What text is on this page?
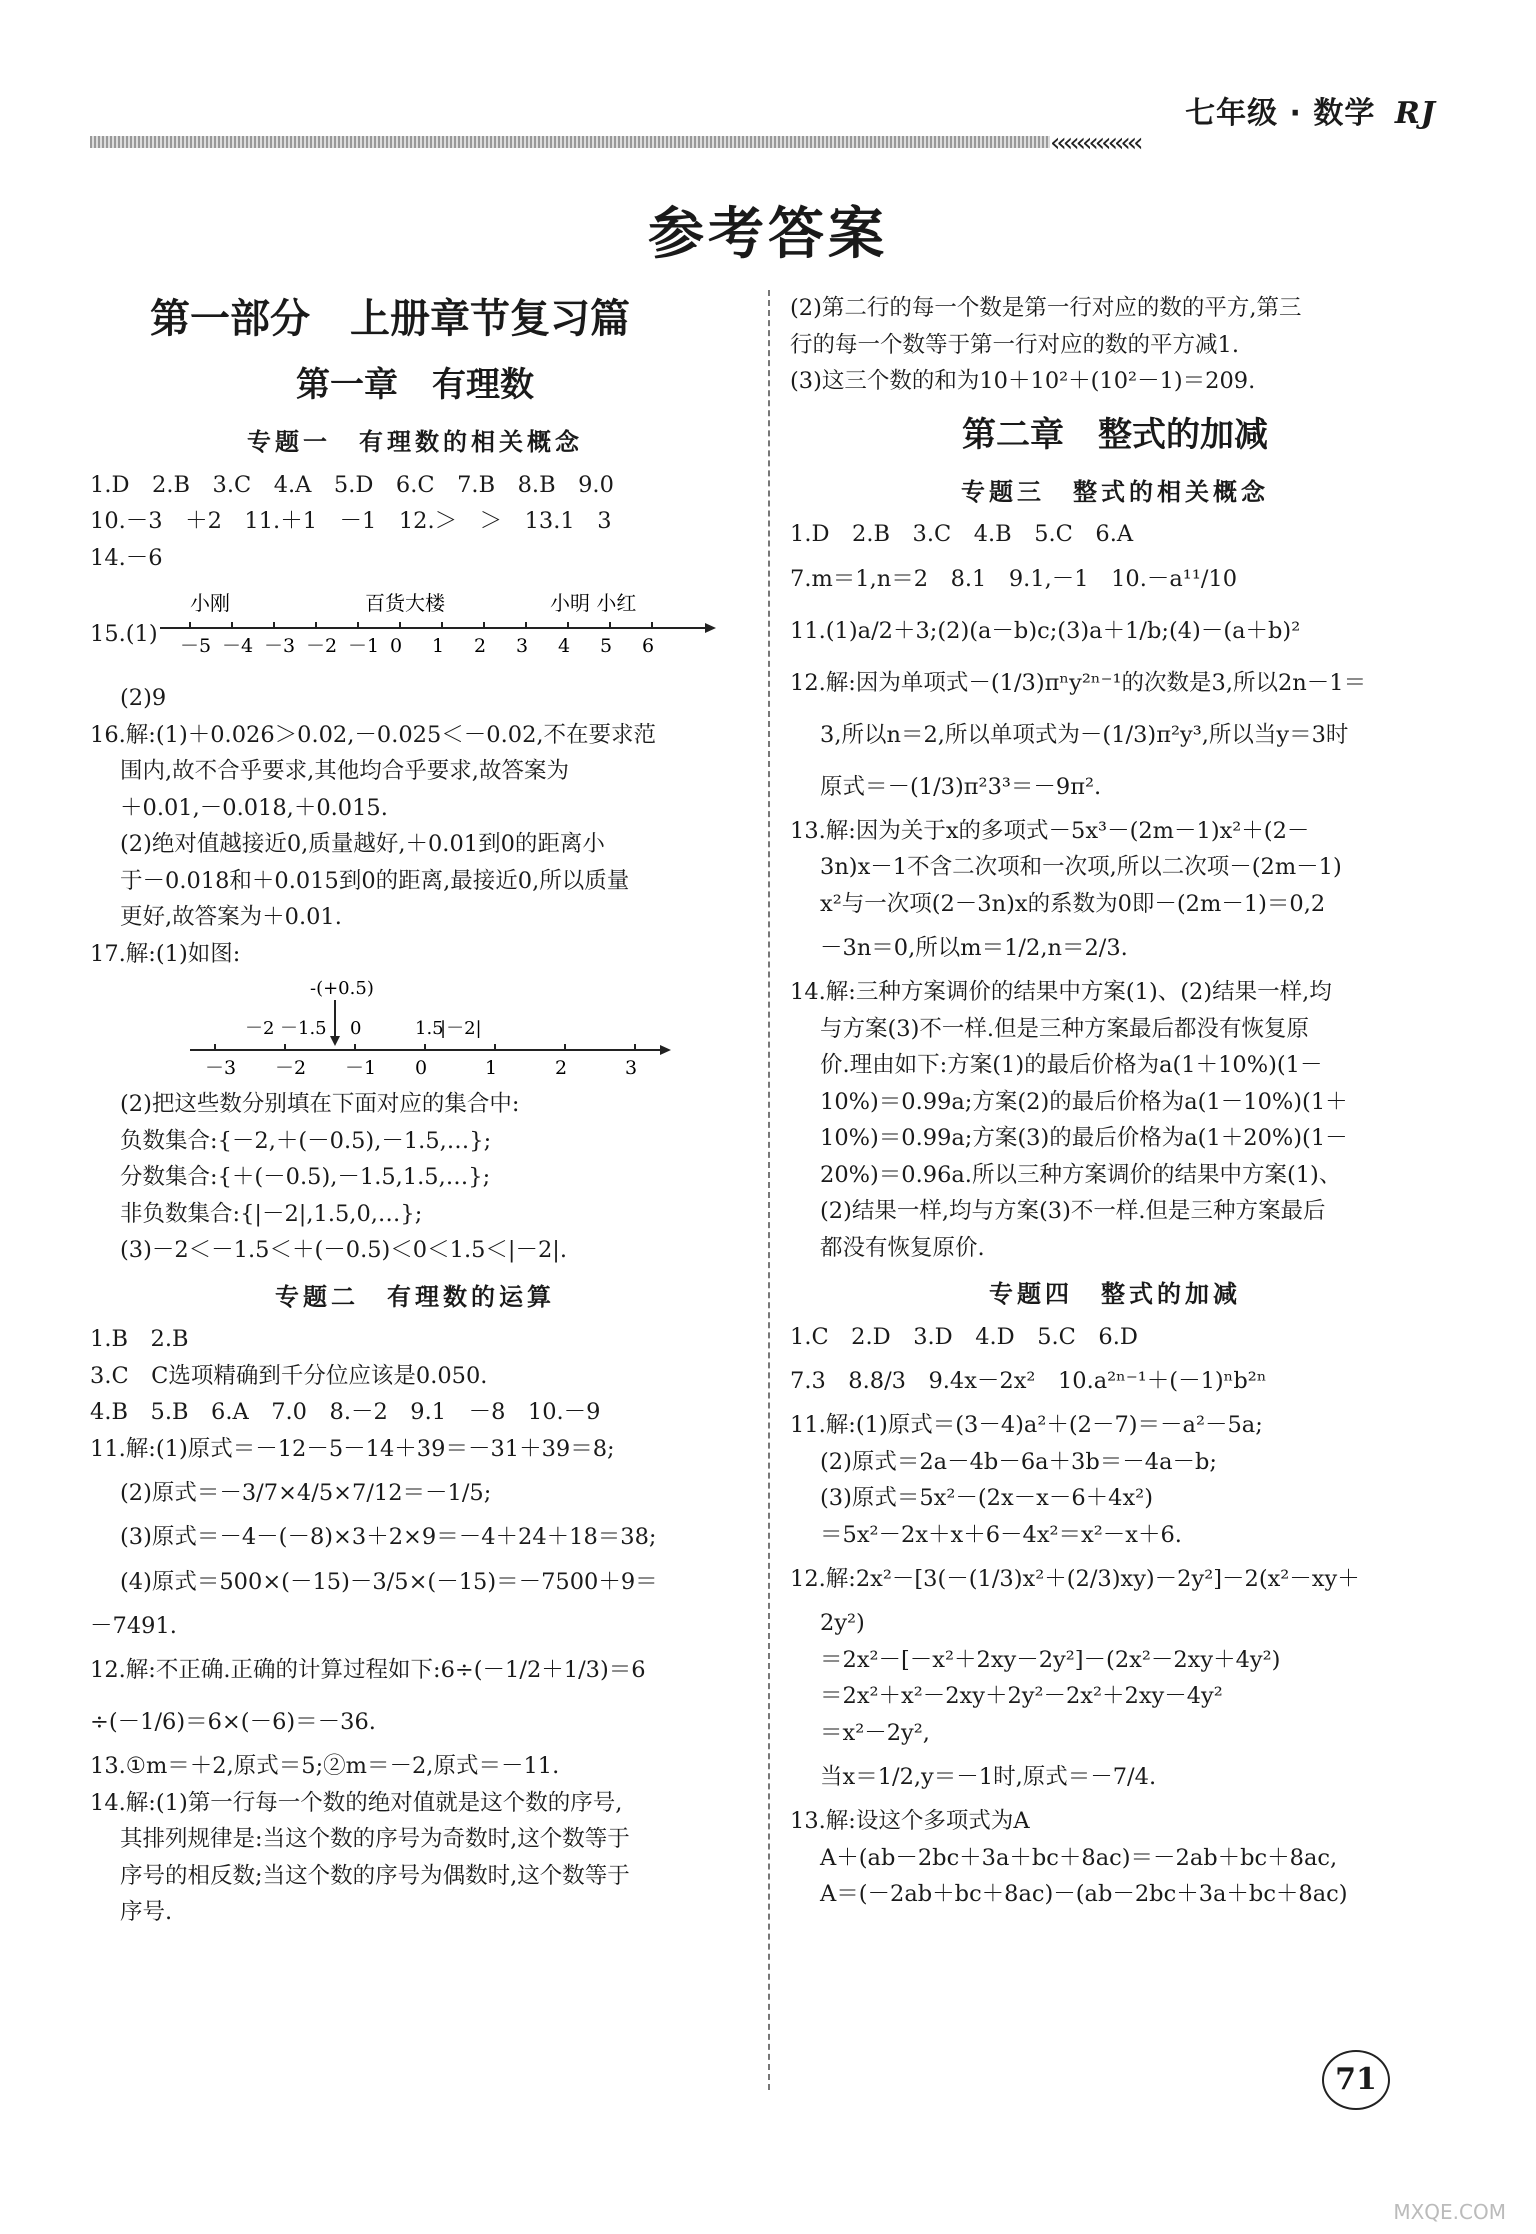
七年级 · 数学 RJ
‹‹‹‹‹‹‹‹‹‹‹‹‹‹
参考答案
第一部分　上册章节复习篇
第一章　有理数
专题一　有理数的相关概念
1.D　2.B　3.C　4.A　5.D　6.C　7.B　8.B　9.0
10.－3　＋2　11.＋1　－1　12.＞　＞　13.1　3
14.－6
15.(1) －5 －4 －3 －2 －1 0 1 2 3 4 5 6
小刚	百货大楼	小明 小红
(2)9
16.解:(1)＋0.026＞0.02,－0.025＜－0.02,不在要求范
围内,故不合乎要求,其他均合乎要求,故答案为
＋0.01,－0.018,＋0.015.
(2)绝对值越接近0,质量越好,＋0.01到0的距离小
于－0.018和＋0.015到0的距离,最接近0,所以质量
更好,故答案为＋0.01.
17.解:(1)如图:
－3 －2 －1 0	1	2	3
-(+0.5)
－2 －1.5 0	1.5
|－2|
(2)把这些数分别填在下面对应的集合中:
负数集合:{－2,＋(－0.5),－1.5,…};
分数集合:{＋(－0.5),－1.5,1.5,…};
非负数集合:{|－2|,1.5,0,…};
(3)－2＜－1.5＜＋(－0.5)＜0＜1.5＜|－2|.
专题二　有理数的运算
1.B　2.B
3.C　C选项精确到千分位应该是0.050.
4.B　5.B　6.A　7.0　8.－2　9.1　－8　10.－9
11.解:(1)原式＝－12－5－14＋39＝－31＋39＝8;
(2)原式＝－3/7×4/5×7/12＝－1/5;
(3)原式＝－4－(－8)×3＋2×9＝－4＋24＋18＝38;
(4)原式＝500×(－15)－3/5×(－15)＝－7500＋9＝
－7491.
12.解:不正确.正确的计算过程如下:6÷(－1/2＋1/3)＝6
÷(－1/6)＝6×(－6)＝－36.
13.①m＝＋2,原式＝5;②m＝－2,原式＝－11.
14.解:(1)第一行每一个数的绝对值就是这个数的序号,
其排列规律是:当这个数的序号为奇数时,这个数等于
序号的相反数;当这个数的序号为偶数时,这个数等于
序号.
(2)第二行的每一个数是第一行对应的数的平方,第三
行的每一个数等于第一行对应的数的平方减1.
(3)这三个数的和为10＋10²＋(10²－1)＝209.
第二章　整式的加减
专题三　整式的相关概念
1.D　2.B　3.C　4.B　5.C　6.A
7.m＝1,n＝2　8.1　9.1,－1　10.－a¹¹/10
11.(1)a/2＋3;(2)(a－b)c;(3)a＋1/b;(4)－(a＋b)²
12.解:因为单项式－(1/3)πⁿy²ⁿ⁻¹的次数是3,所以2n－1＝
3,所以n＝2,所以单项式为－(1/3)π²y³,所以当y＝3时
原式＝－(1/3)π²3³＝－9π².
13.解:因为关于x的多项式－5x³－(2m－1)x²＋(2－
3n)x－1不含二次项和一次项,所以二次项－(2m－1)
x²与一次项(2－3n)x的系数为0即－(2m－1)＝0,2
－3n＝0,所以m＝1/2,n＝2/3.
14.解:三种方案调价的结果中方案(1)、(2)结果一样,均
与方案(3)不一样.但是三种方案最后都没有恢复原
价.理由如下:方案(1)的最后价格为a(1＋10%)(1－
10%)＝0.99a;方案(2)的最后价格为a(1－10%)(1＋
10%)＝0.99a;方案(3)的最后价格为a(1＋20%)(1－
20%)＝0.96a.所以三种方案调价的结果中方案(1)、
(2)结果一样,均与方案(3)不一样.但是三种方案最后
都没有恢复原价.
专题四　整式的加减
1.C　2.D　3.D　4.D　5.C　6.D
7.3　8.8/3　9.4x－2x²　10.a²ⁿ⁻¹＋(－1)ⁿb²ⁿ
11.解:(1)原式＝(3－4)a²＋(2－7)＝－a²－5a;
(2)原式＝2a－4b－6a＋3b＝－4a－b;
(3)原式＝5x²－(2x－x－6＋4x²)
＝5x²－2x＋x＋6－4x²＝x²－x＋6.
12.解:2x²－[3(－(1/3)x²＋(2/3)xy)－2y²]－2(x²－xy＋
2y²)
＝2x²－[－x²＋2xy－2y²]－(2x²－2xy＋4y²)
＝2x²＋x²－2xy＋2y²－2x²＋2xy－4y²
＝x²－2y²,
当x＝1/2,y＝－1时,原式＝－7/4.
13.解:设这个多项式为A
A＋(ab－2bc＋3a＋bc＋8ac)＝－2ab＋bc＋8ac,
A＝(－2ab＋bc＋8ac)－(ab－2bc＋3a＋bc＋8ac)
71
MXQE.COM
